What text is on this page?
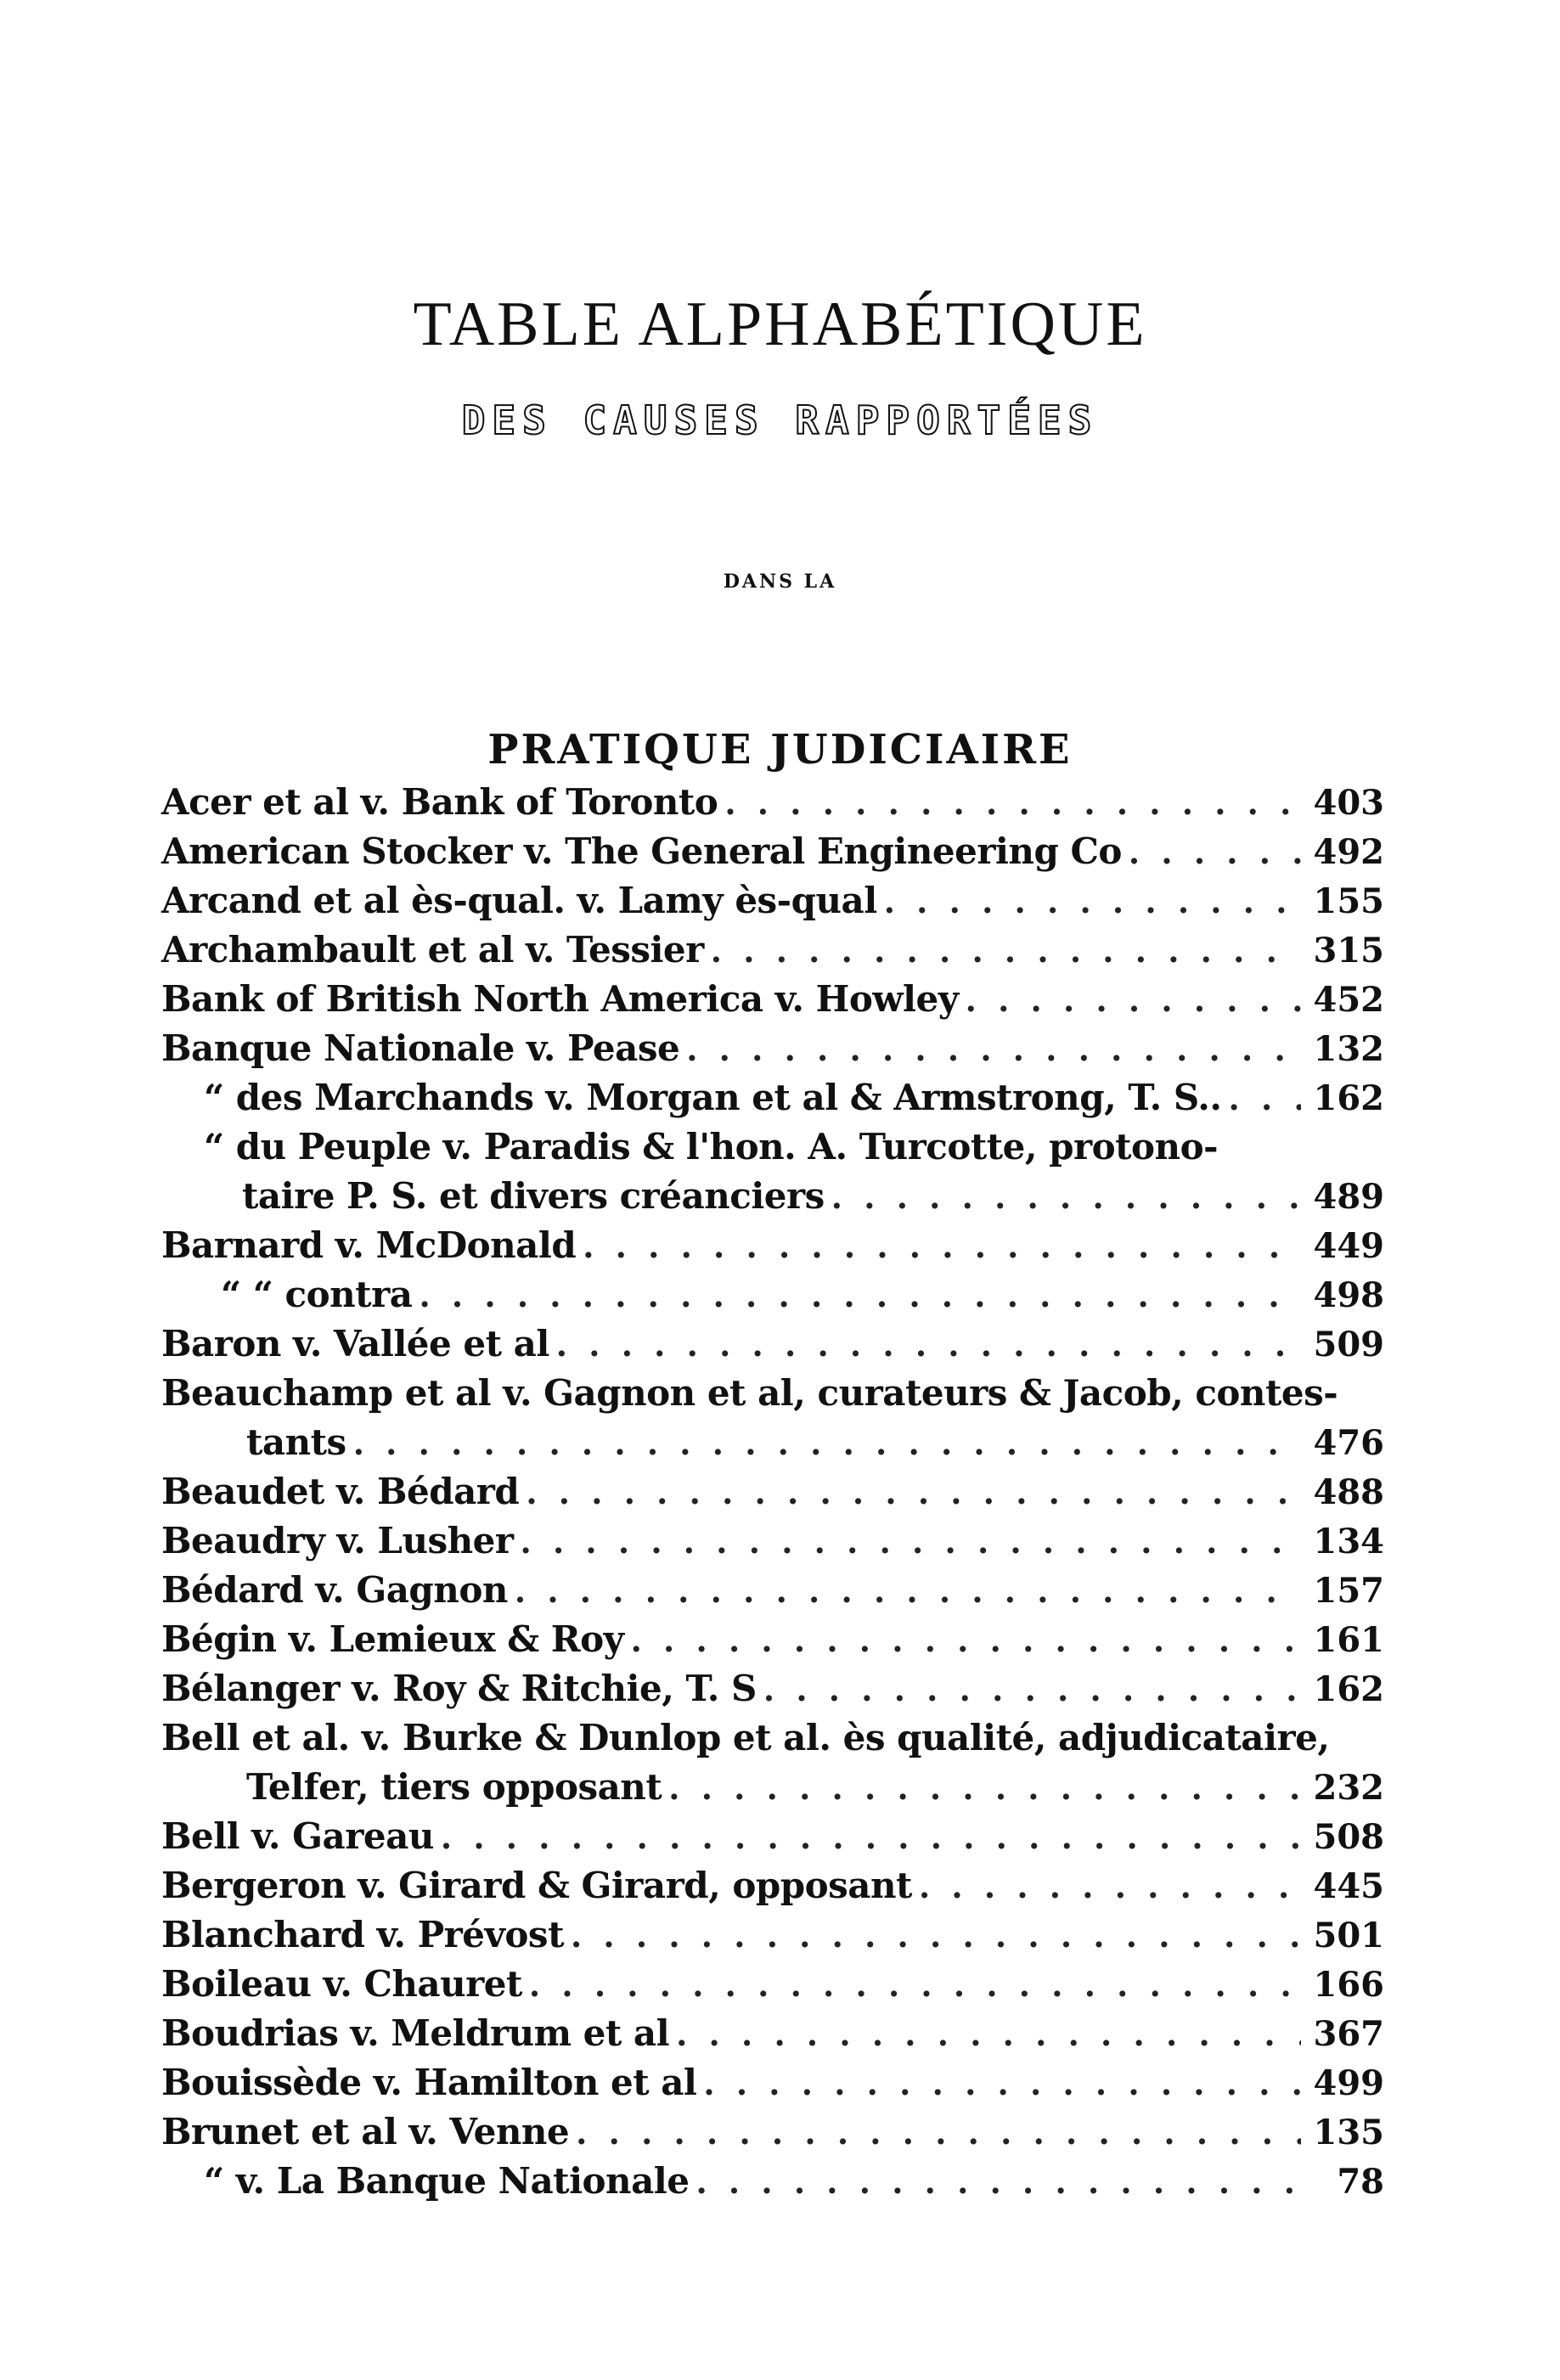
TABLE ALPHABÉTIQUE
DES CAUSES RAPPORTÉES
DANS LA
PRATIQUE JUDICIAIRE
Acer et al v. Bank of Toronto . . .	403
American Stocker v. The General Engineering Co . . .	492
Arcand et al ès-qual. v. Lamy ès-qual . . .	155
Archambault et al v. Tessier . . .	315
Bank of British North America v. Howley . . .	452
Banque Nationale v. Pease . . .	132
“ des Marchands v. Morgan et al & Armstrong, T. S.. . . .	162
“ du Peuple v. Paradis & l'hon. A. Turcotte, protono-
taire P. S. et divers créanciers . . .	489
Barnard v. McDonald . . .	449
“ “ contra . . .	498
Baron v. Vallée et al . . .	509
Beauchamp et al v. Gagnon et al, curateurs & Jacob, contes-
tants . . .	476
Beaudet v. Bédard . . .	488
Beaudry v. Lusher . . .	134
Bédard v. Gagnon . . .	157
Bégin v. Lemieux & Roy . . .	161
Bélanger v. Roy & Ritchie, T. S . . .	162
Bell et al. v. Burke & Dunlop et al. ès qualité, adjudicataire,
Telfer, tiers opposant . . .	232
Bell v. Gareau . . .	508
Bergeron v. Girard & Girard, opposant . . .	445
Blanchard v. Prévost . . .	501
Boileau v. Chauret . . .	166
Boudrias v. Meldrum et al . . .	367
Bouissède v. Hamilton et al . . .	499
Brunet et al v. Venne . . .	135
“ v. La Banque Nationale . . .	78
